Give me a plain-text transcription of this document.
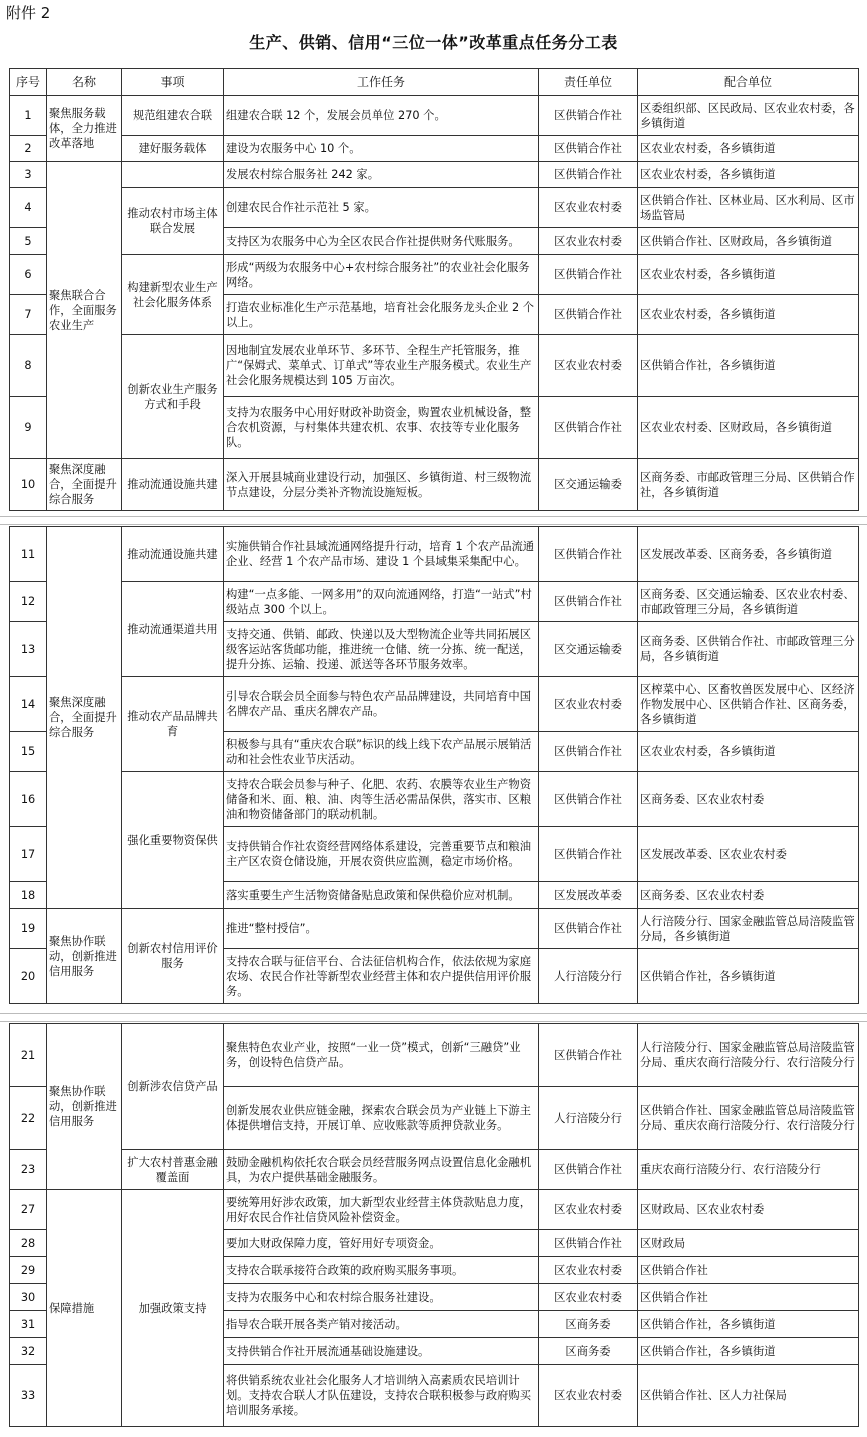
附件 2
生产、供销、信用“三位一体”改革重点任务分工表
序号	名称	事项	工作任务	责任单位	配合单位
1	聚焦服务载体，全力推进改革落地	规范组建农合联	组建农合联 12 个，发展会员单位 270 个。	区供销合作社	区委组织部、区民政局、区农业农村委，各乡镇街道
2		建好服务载体	建设为农服务中心 10 个。	区供销合作社	区农业农村委，各乡镇街道
3	聚焦联合合作，全面服务农业生产		发展农村综合服务社 242 家。	区供销合作社	区农业农村委，各乡镇街道
4		推动农村市场主体联合发展	创建农民合作社示范社 5 家。	区农业农村委	区供销合作社、区林业局、区水利局、区市场监管局
5			支持区为农服务中心为全区农民合作社提供财务代账服务。	区农业农村委	区供销合作社、区财政局，各乡镇街道
6		构建新型农业生产社会化服务体系	形成“两级为农服务中心+农村综合服务社”的农业社会化服务网络。	区供销合作社	区农业农村委，各乡镇街道
7			打造农业标准化生产示范基地，培育社会化服务龙头企业 2 个以上。	区供销合作社	区农业农村委，各乡镇街道
8		创新农业生产服务方式和手段	因地制宜发展农业单环节、多环节、全程生产托管服务，推广“保姆式、菜单式、订单式”等农业生产服务模式。农业生产社会化服务规模达到 105 万亩次。	区农业农村委	区供销合作社，各乡镇街道
9			支持为农服务中心用好财政补助资金，购置农业机械设备，整合农机资源，与村集体共建农机、农事、农技等专业化服务队。	区供销合作社	区农业农村委、区财政局，各乡镇街道
10	聚焦深度融合，全面提升综合服务	推动流通设施共建	深入开展县城商业建设行动，加强区、乡镇街道、村三级物流节点建设，分层分类补齐物流设施短板。	区交通运输委	区商务委、市邮政管理三分局、区供销合作社，各乡镇街道
11	聚焦深度融合，全面提升综合服务	推动流通设施共建	实施供销合作社县域流通网络提升行动，培育 1 个农产品流通企业、经营 1 个农产品市场、建设 1 个县域集采集配中心。	区供销合作社	区发展改革委、区商务委，各乡镇街道
12		推动流通渠道共用	构建“一点多能、一网多用”的双向流通网络，打造“一站式”村级站点 300 个以上。	区供销合作社	区商务委、区交通运输委、区农业农村委、市邮政管理三分局，各乡镇街道
13			支持交通、供销、邮政、快递以及大型物流企业等共同拓展区级客运站客货邮功能，推进统一仓储、统一分拣、统一配送，提升分拣、运输、投递、派送等各环节服务效率。	区交通运输委	区商务委、区供销合作社、市邮政管理三分局，各乡镇街道
14		推动农产品品牌共育	引导农合联会员全面参与特色农产品品牌建设，共同培育中国名牌农产品、重庆名牌农产品。	区农业农村委	区榨菜中心、区畜牧兽医发展中心、区经济作物发展中心、区供销合作社、区商务委，各乡镇街道
15			积极参与具有“重庆农合联”标识的线上线下农产品展示展销活动和社会性农业节庆活动。	区供销合作社	区农业农村委，各乡镇街道
16		强化重要物资保供	支持农合联会员参与种子、化肥、农药、农膜等农业生产物资储备和米、面、粮、油、肉等生活必需品保供，落实市、区粮油和物资储备部门的联动机制。	区供销合作社	区商务委、区农业农村委
17			支持供销合作社农资经营网络体系建设，完善重要节点和粮油主产区农资仓储设施，开展农资供应监测，稳定市场价格。	区供销合作社	区发展改革委、区农业农村委
18			落实重要生产生活物资储备贴息政策和保供稳价应对机制。	区发展改革委	区商务委、区农业农村委
19	聚焦协作联动，创新推进信用服务	创新农村信用评价服务	推进“整村授信”。	区供销合作社	人行涪陵分行、国家金融监管总局涪陵监管分局，各乡镇街道
20			支持农合联与征信平台、合法征信机构合作，依法依规为家庭农场、农民合作社等新型农业经营主体和农户提供信用评价服务。	人行涪陵分行	区供销合作社，各乡镇街道
21	聚焦协作联动，创新推进信用服务	创新涉农信贷产品	聚焦特色农业产业，按照“一业一贷”模式，创新“三融贷”业务，创设特色信贷产品。	区供销合作社	人行涪陵分行、国家金融监管总局涪陵监管分局、重庆农商行涪陵分行、农行涪陵分行
22			创新发展农业供应链金融，探索农合联会员为产业链上下游主体提供增信支持，开展订单、应收账款等质押贷款业务。	人行涪陵分行	区供销合作社、国家金融监管总局涪陵监管分局、重庆农商行涪陵分行、农行涪陵分行
23		扩大农村普惠金融覆盖面	鼓励金融机构依托农合联会员经营服务网点设置信息化金融机具，为农户提供基础金融服务。	区供销合作社	重庆农商行涪陵分行、农行涪陵分行
27	保障措施	加强政策支持	要统筹用好涉农政策，加大新型农业经营主体贷款贴息力度，用好农民合作社信贷风险补偿资金。	区农业农村委	区财政局、区农业农村委
28			要加大财政保障力度，管好用好专项资金。	区供销合作社	区财政局
29			支持农合联承接符合政策的政府购买服务事项。	区农业农村委	区供销合作社
30			支持为农服务中心和农村综合服务社建设。	区农业农村委	区供销合作社
31			指导农合联开展各类产销对接活动。	区商务委	区供销合作社，各乡镇街道
32			支持供销合作社开展流通基础设施建设。	区商务委	区供销合作社，各乡镇街道
33			将供销系统农业社会化服务人才培训纳入高素质农民培训计划。支持农合联人才队伍建设，支持农合联积极参与政府购买培训服务承接。	区农业农村委	区供销合作社、区人力社保局
